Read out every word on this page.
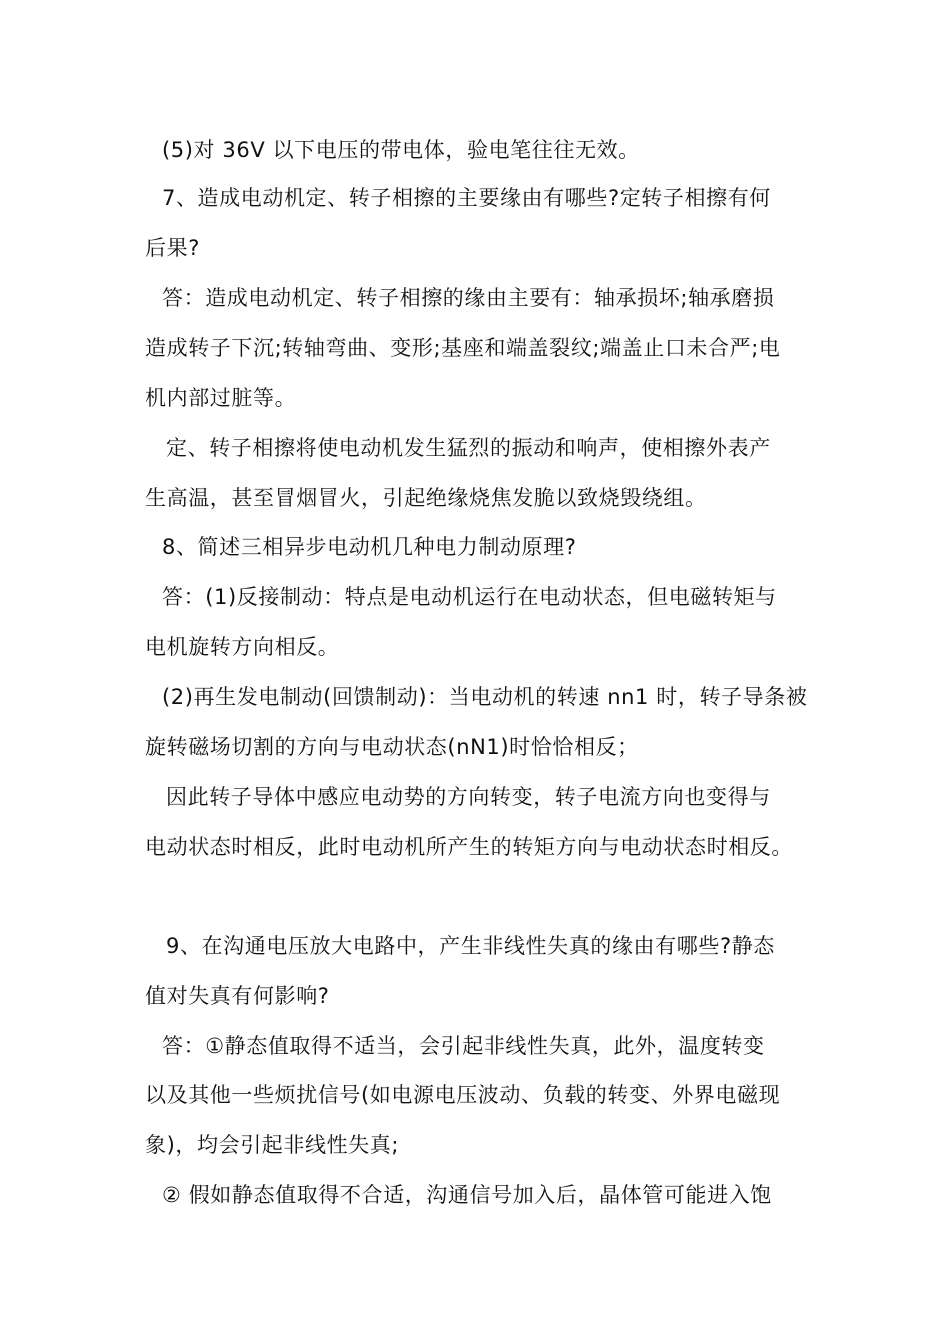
(5)对 36V 以下电压的带电体，验电笔往往无效。
7、造成电动机定、转子相擦的主要缘由有哪些?定转子相擦有何
后果?
答：造成电动机定、转子相擦的缘由主要有：轴承损坏;轴承磨损
造成转子下沉;转轴弯曲、变形;基座和端盖裂纹;端盖止口未合严;电
机内部过脏等。
定、转子相擦将使电动机发生猛烈的振动和响声，使相擦外表产
生高温，甚至冒烟冒火，引起绝缘烧焦发脆以致烧毁绕组。
8、简述三相异步电动机几种电力制动原理?
答：(1)反接制动：特点是电动机运行在电动状态，但电磁转矩与
电机旋转方向相反。
(2)再生发电制动(回馈制动)：当电动机的转速 nn1 时，转子导条被
旋转磁场切割的方向与电动状态(nN1)时恰恰相反；
因此转子导体中感应电动势的方向转变，转子电流方向也变得与
电动状态时相反，此时电动机所产生的转矩方向与电动状态时相反。
9、在沟通电压放大电路中，产生非线性失真的缘由有哪些?静态
值对失真有何影响?
答：①静态值取得不适当，会引起非线性失真，此外，温度转变
以及其他一些烦扰信号(如电源电压波动、负载的转变、外界电磁现
象)，均会引起非线性失真;
② 假如静态值取得不合适，沟通信号加入后，晶体管可能进入饱
